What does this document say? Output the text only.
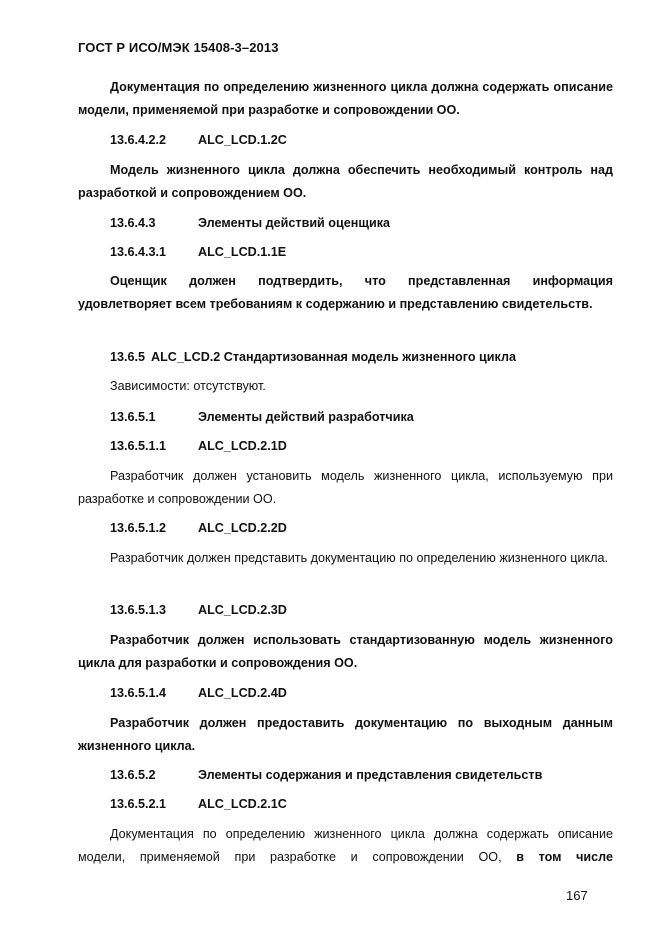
ГОСТ Р ИСО/МЭК 15408-3–2013
Документация по определению жизненного цикла должна содержать описание модели, применяемой при разработке и сопровождении ОО.
13.6.4.2.2	ALC_LCD.1.2C
Модель жизненного цикла должна обеспечить необходимый контроль над разработкой и сопровождением ОО.
13.6.4.3	Элементы действий оценщика
13.6.4.3.1	ALC_LCD.1.1E
Оценщик должен подтвердить, что представленная информация удовлетворяет всем требованиям к содержанию и представлению свидетельств.
13.6.5 ALC_LCD.2 Стандартизованная модель жизненного цикла
Зависимости: отсутствуют.
13.6.5.1	Элементы действий разработчика
13.6.5.1.1	ALC_LCD.2.1D
Разработчик должен установить модель жизненного цикла, используемую при разработке и сопровождении ОО.
13.6.5.1.2	ALC_LCD.2.2D
Разработчик должен представить документацию по определению жизненного цикла.
13.6.5.1.3	ALC_LCD.2.3D
Разработчик должен использовать стандартизованную модель жизненного цикла для разработки и сопровождения ОО.
13.6.5.1.4	ALC_LCD.2.4D
Разработчик должен предоставить документацию по выходным данным жизненного цикла.
13.6.5.2	Элементы содержания и представления свидетельств
13.6.5.2.1	ALC_LCD.2.1C
Документация по определению жизненного цикла должна содержать описание модели, применяемой при разработке и сопровождении ОО, в том числе
167
